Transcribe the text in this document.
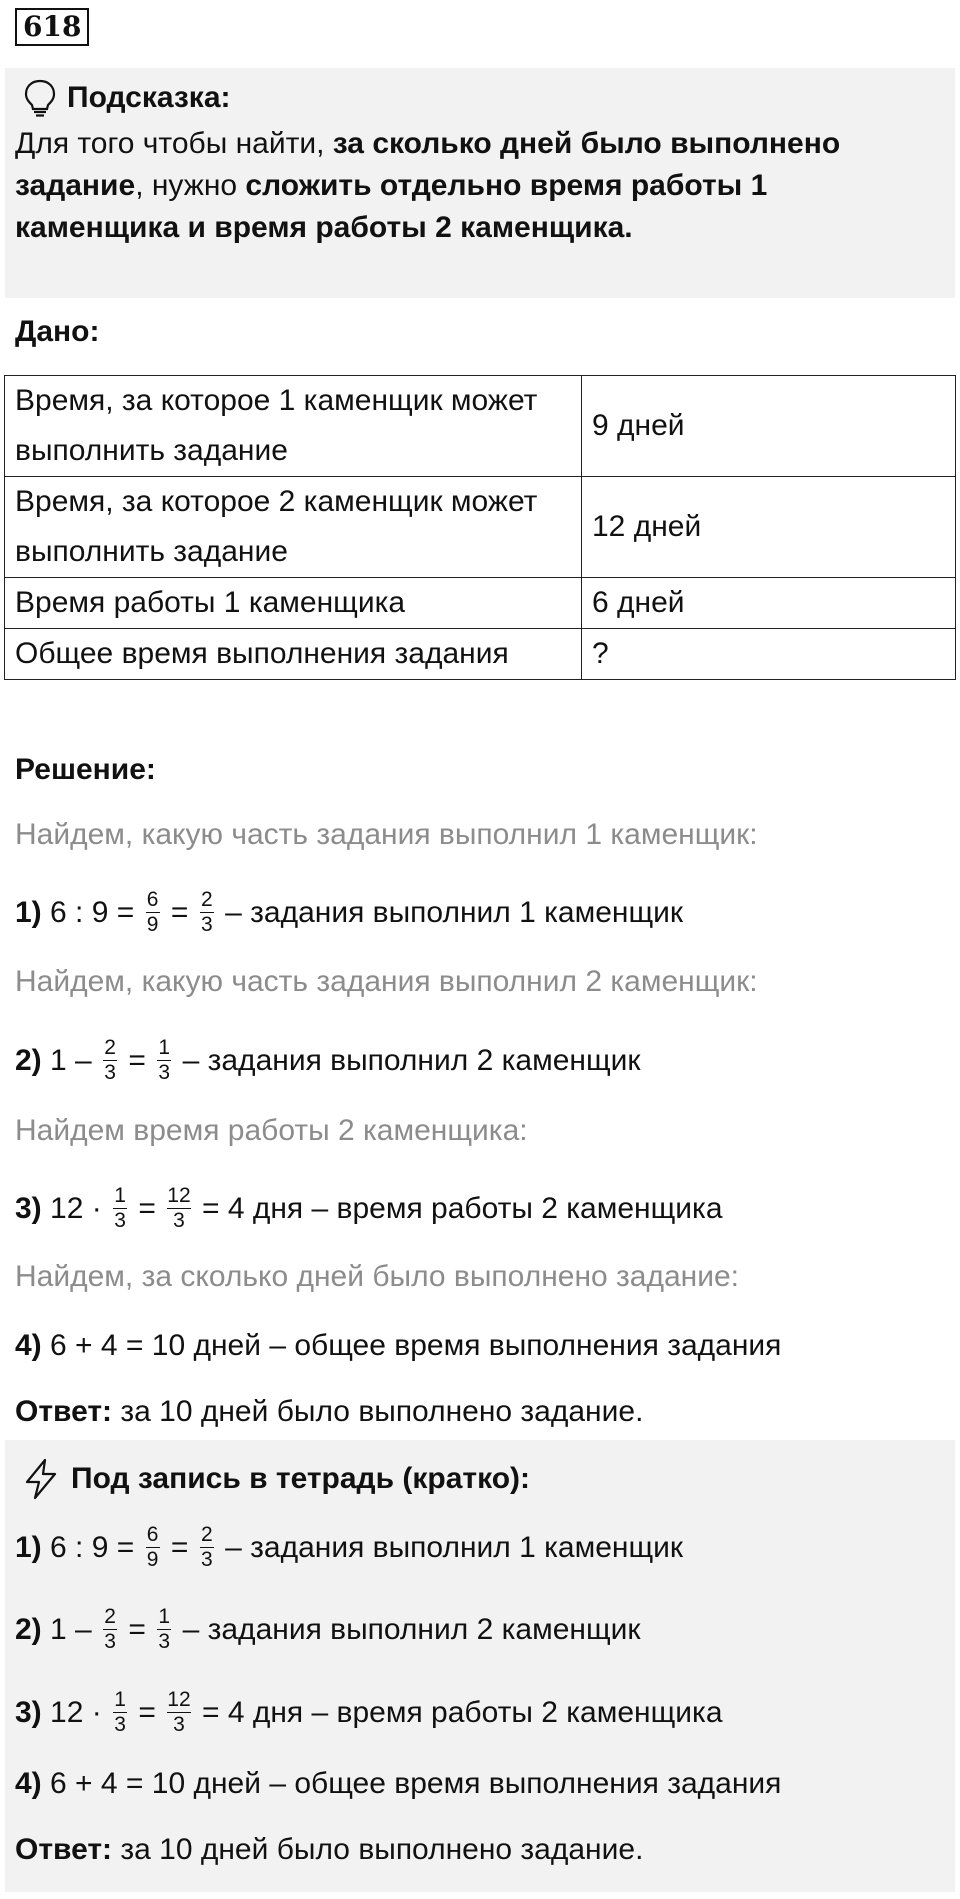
618
Подсказка:
Для того чтобы найти, за сколько дней было выполнено задание, нужно сложить отдельно время работы 1 каменщика и время работы 2 каменщика.
Дано:
Время, за которое 1 каменщик может выполнить задание	9 дней
Время, за которое 2 каменщик может выполнить задание	12 дней
Время работы 1 каменщика	6 дней
Общее время выполнения задания	?
Решение:
Найдем, какую часть задания выполнил 1 каменщик:
1) 6 : $9 = \frac{6}{9} = \frac{2}{3}$ – задания выполнил 1 каменщик
Найдем, какую часть задания выполнил 2 каменщик:
2) $1 - \frac{2}{3} = \frac{1}{3}$ – задания выполнил 2 каменщик
Найдем время работы 2 каменщика:
3) $12 \cdot \frac{1}{3} = \frac{12}{3} = 4$ дня – время работы 2 каменщика
Найдем, за сколько дней было выполнено задание:
4) 6 + 4 = 10 дней – общее время выполнения задания
Ответ: за 10 дней было выполнено задание.
Под запись в тетрадь (кратко):
1) 6 : $9 = \frac{6}{9} = \frac{2}{3}$ – задания выполнил 1 каменщик
2) $1 - \frac{2}{3} = \frac{1}{3}$ – задания выполнил 2 каменщик
3) $12 \cdot \frac{1}{3} = \frac{12}{3} = 4$ дня – время работы 2 каменщика
4) 6 + 4 = 10 дней – общее время выполнения задания
Ответ: за 10 дней было выполнено задание.
